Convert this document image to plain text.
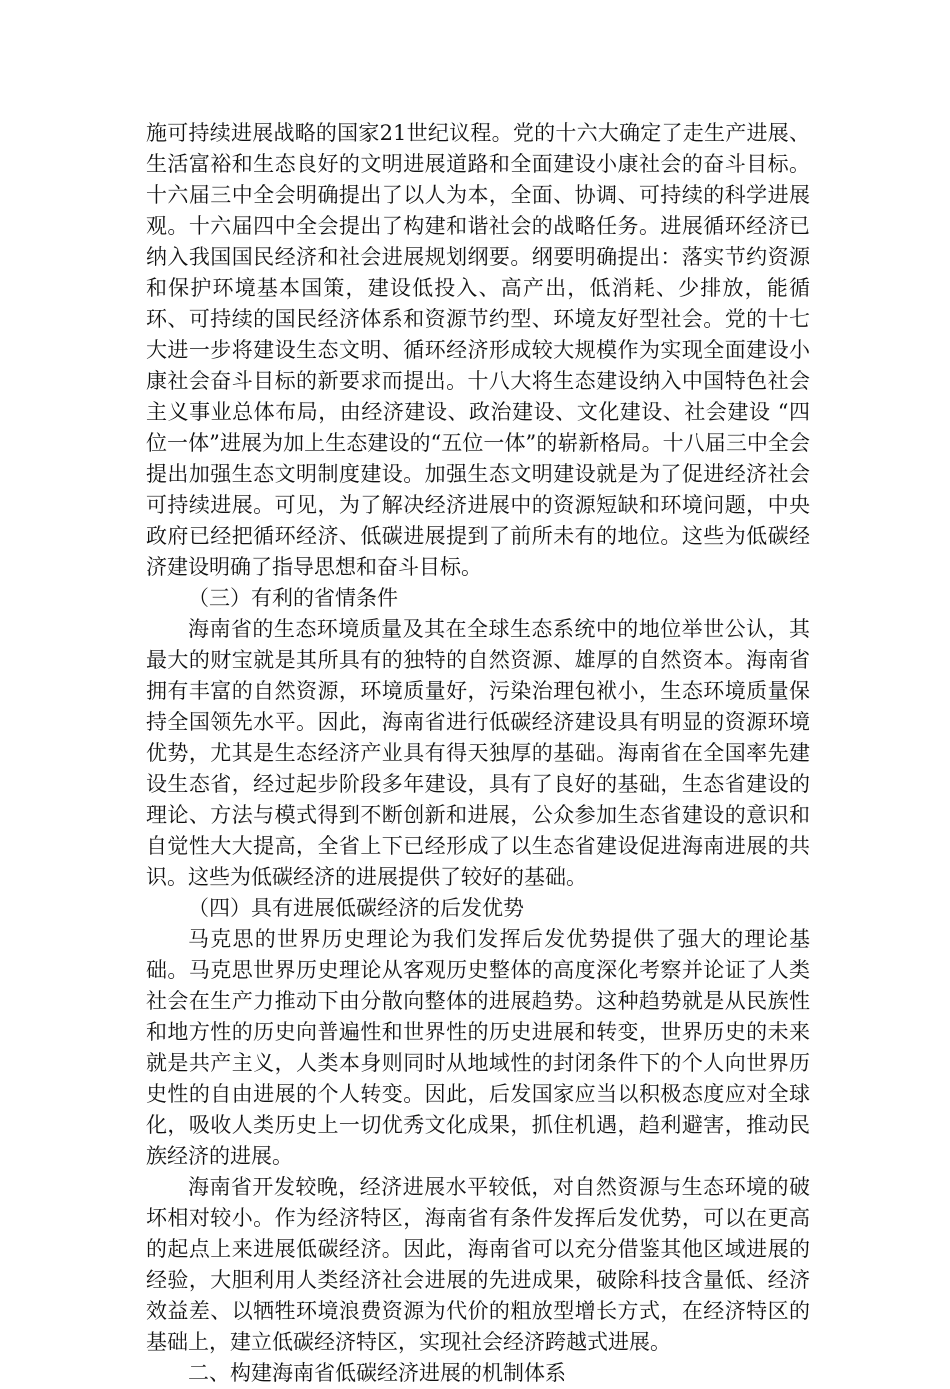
施可持续进展战略的国家21世纪议程。党的十六大确定了走生产进展、生活富裕和生态良好的文明进展道路和全面建设小康社会的奋斗目标。十六届三中全会明确提出了以人为本，全面、协调、可持续的科学进展观。十六届四中全会提出了构建和谐社会的战略任务。进展循环经济已纳入我国国民经济和社会进展规划纲要。纲要明确提出：落实节约资源和保护环境基本国策，建设低投入、高产出，低消耗、少排放，能循环、可持续的国民经济体系和资源节约型、环境友好型社会。党的十七大进一步将建设生态文明、循环经济形成较大规模作为实现全面建设小康社会奋斗目标的新要求而提出。十八大将生态建设纳入中国特色社会主义事业总体布局，由经济建设、政治建设、文化建设、社会建设 “四位一体”进展为加上生态建设的“五位一体”的崭新格局。十八届三中全会提出加强生态文明制度建设。加强生态文明建设就是为了促进经济社会可持续进展。可见，为了解决经济进展中的资源短缺和环境问题，中央政府已经把循环经济、低碳进展提到了前所未有的地位。这些为低碳经济建设明确了指导思想和奋斗目标。

（三）有利的省情条件

海南省的生态环境质量及其在全球生态系统中的地位举世公认，其最大的财宝就是其所具有的独特的自然资源、雄厚的自然资本。海南省拥有丰富的自然资源，环境质量好，污染治理包袱小，生态环境质量保持全国领先水平。因此，海南省进行低碳经济建设具有明显的资源环境优势，尤其是生态经济产业具有得天独厚的基础。海南省在全国率先建设生态省，经过起步阶段多年建设，具有了良好的基础，生态省建设的理论、方法与模式得到不断创新和进展，公众参加生态省建设的意识和自觉性大大提高，全省上下已经形成了以生态省建设促进海南进展的共识。这些为低碳经济的进展提供了较好的基础。

（四）具有进展低碳经济的后发优势

马克思的世界历史理论为我们发挥后发优势提供了强大的理论基础。马克思世界历史理论从客观历史整体的高度深化考察并论证了人类社会在生产力推动下由分散向整体的进展趋势。这种趋势就是从民族性和地方性的历史向普遍性和世界性的历史进展和转变，世界历史的未来就是共产主义，人类本身则同时从地域性的封闭条件下的个人向世界历史性的自由进展的个人转变。因此，后发国家应当以积极态度应对全球化，吸收人类历史上一切优秀文化成果，抓住机遇，趋利避害，推动民族经济的进展。

海南省开发较晚，经济进展水平较低，对自然资源与生态环境的破坏相对较小。作为经济特区，海南省有条件发挥后发优势，可以在更高的起点上来进展低碳经济。因此，海南省可以充分借鉴其他区域进展的经验，大胆利用人类经济社会进展的先进成果，破除科技含量低、经济效益差、以牺牲环境浪费资源为代价的粗放型增长方式，在经济特区的基础上，建立低碳经济特区，实现社会经济跨越式进展。

二、构建海南省低碳经济进展的机制体系
